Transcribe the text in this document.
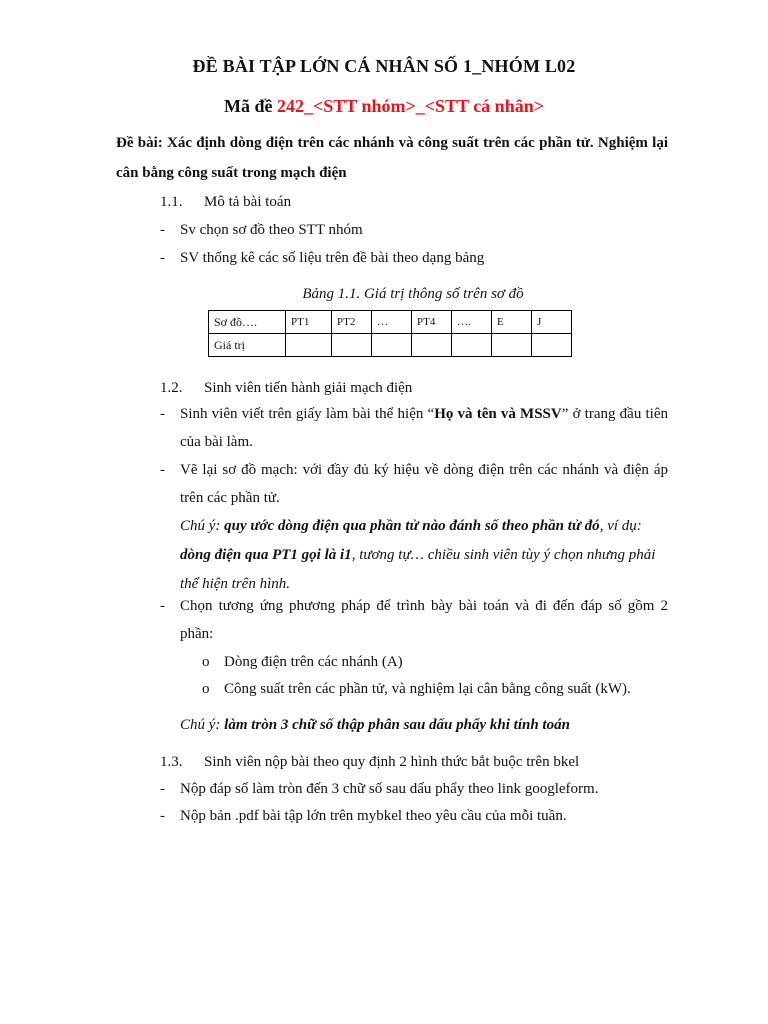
ĐỀ BÀI TẬP LỚN CÁ NHÂN SỐ 1_NHÓM L02
Mã đề 242_<STT nhóm>_<STT cá nhân>
Đề bài: Xác định dòng điện trên các nhánh và công suất trên các phần tử. Nghiệm lại cân bằng công suất trong mạch điện
1.1. Mô tả bài toán
- Sv chọn sơ đồ theo STT nhóm
- SV thống kê các số liệu trên đề bài theo dạng bảng
Bảng 1.1. Giá trị thông số trên sơ đồ
Sơ đồ….	PT1	PT2	…	PT4	….	E	J
Giá trị							
1.2. Sinh viên tiến hành giải mạch điện
- Sinh viên viết trên giấy làm bài thể hiện “Họ và tên và MSSV” ở trang đầu tiên của bài làm.
- Vẽ lại sơ đồ mạch: với đầy đủ ký hiệu về dòng điện trên các nhánh và điện áp trên các phần tử.
Chú ý: quy ước dòng điện qua phần tử nào đánh số theo phần tử đó, ví dụ: dòng điện qua PT1 gọi là i1, tương tự… chiều sinh viên tùy ý chọn nhưng phải thể hiện trên hình.
- Chọn tương ứng phương pháp để trình bày bài toán và đi đến đáp số gồm 2 phần:
o Dòng điện trên các nhánh (A)
o Công suất trên các phần tử, và nghiệm lại cân bằng công suất (kW).
Chú ý: làm tròn 3 chữ số thập phân sau dấu phẩy khi tính toán
1.3. Sinh viên nộp bài theo quy định 2 hình thức bắt buộc trên bkel
- Nộp đáp số làm tròn đến 3 chữ số sau dấu phẩy theo link googleform.
- Nộp bản .pdf bài tập lớn trên mybkel theo yêu cầu của mỗi tuần.
